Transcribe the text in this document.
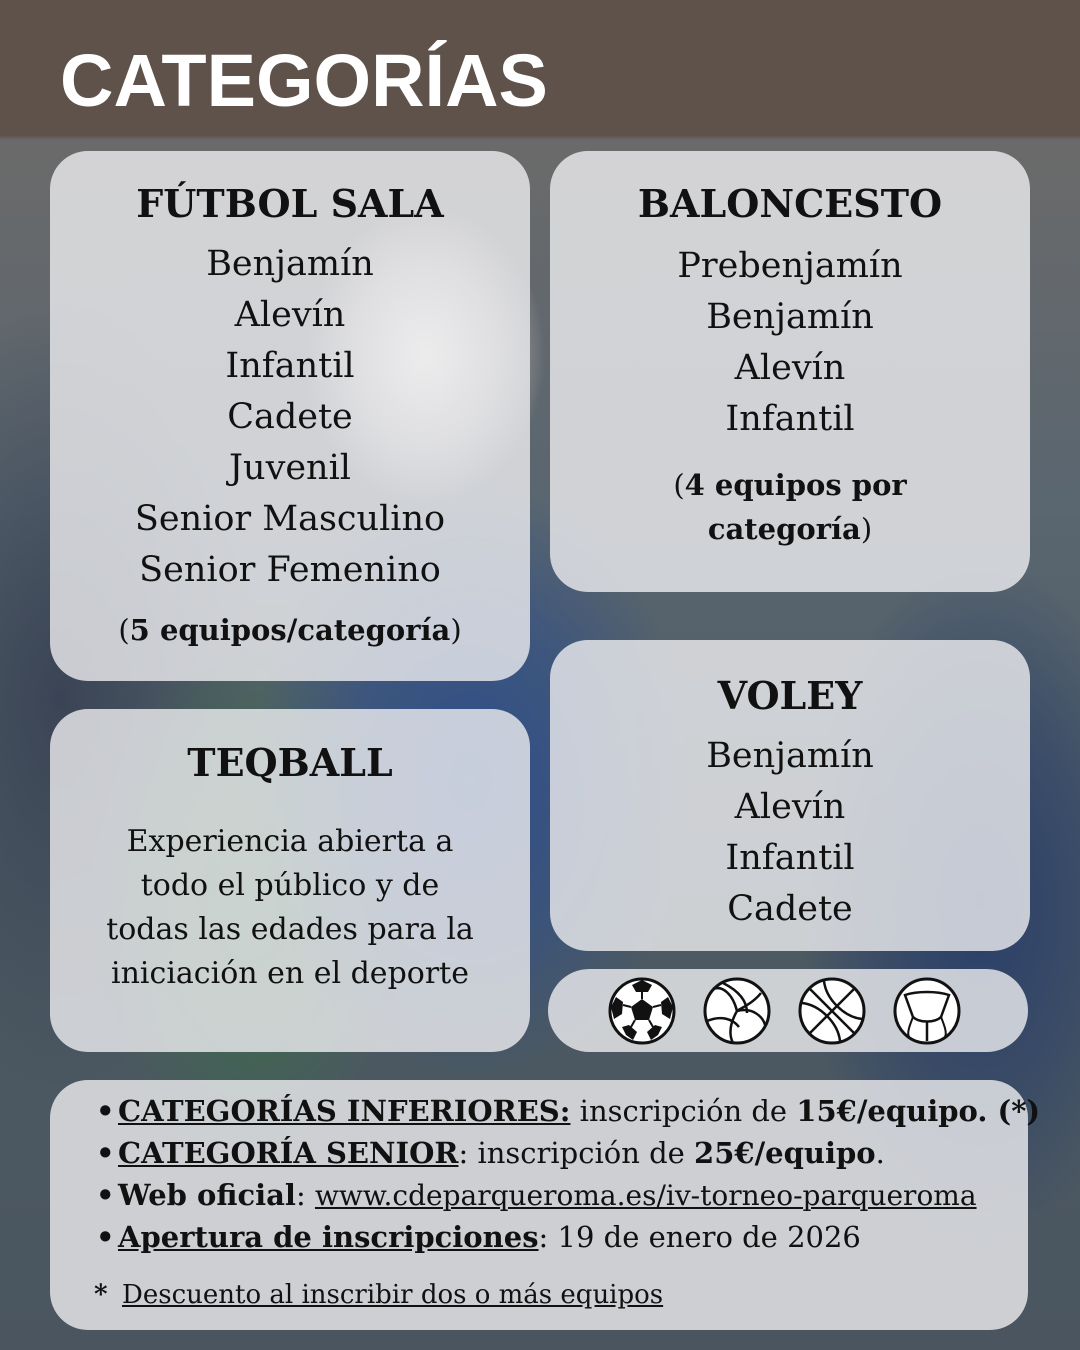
CATEGORÍAS
FÚTBOL SALA
Benjamín
Alevín
Infantil
Cadete
Juvenil
Senior Masculino
Senior Femenino
(5 equipos/categoría)
BALONCESTO
Prebenjamín
Benjamín
Alevín
Infantil
(4 equipos por
categoría)
TEQBALL
Experiencia abierta a
todo el público y de
todas las edades para la
iniciación en el deporte
VOLEY
Benjamín
Alevín
Infantil
Cadete
• CATEGORÍAS INFERIORES: inscripción de 15€/equipo. (*)
• CATEGORÍA SENIOR: inscripción de 25€/equipo.
• Web oficial: www.cdeparqueroma.es/iv-torneo-parqueroma
• Apertura de inscripciones: 19 de enero de 2026
* Descuento al inscribir dos o más equipos
